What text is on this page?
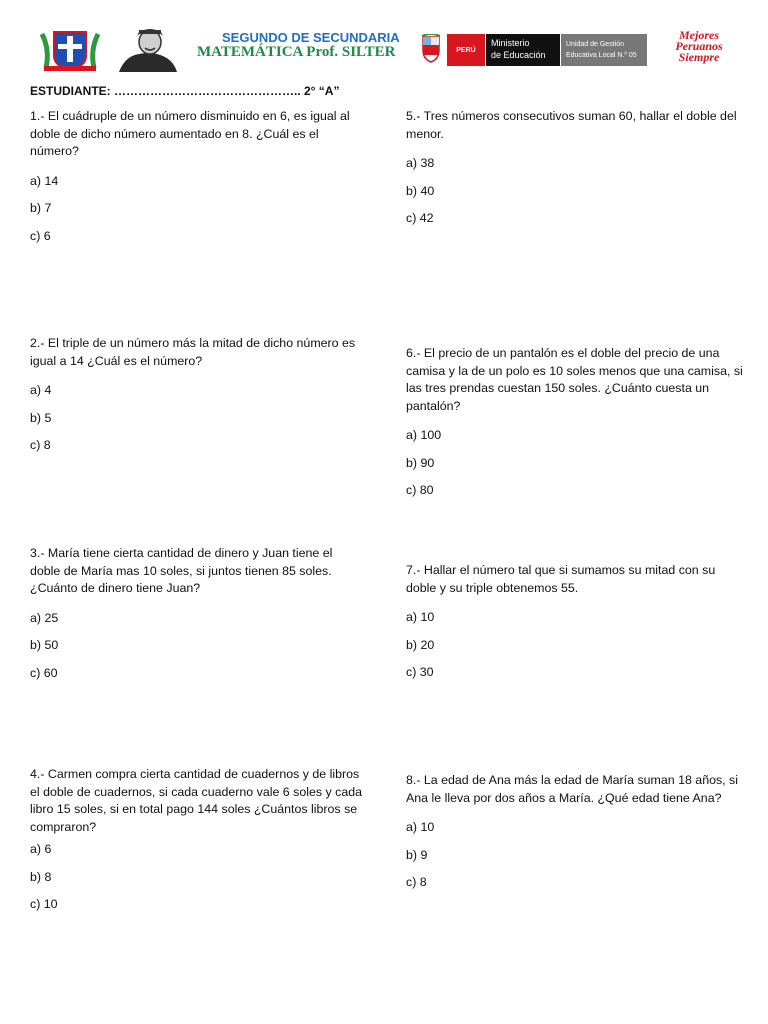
SEGUNDO DE SECUNDARIA
MATEMÁTICA Prof. SILTER	PERÚ
Ministerio
de Educación
Unidad de Gestión
Educativa Local N.º 05
Mejores
Peruanos
Siempre
ESTUDIANTE: ……………………………………….. 2° “A”

1.- El cuádruple de un número disminuido en 6, es igual al doble de dicho número aumentado en 8. ¿Cuál es el número?

a) 14

b) 7

c) 6

2.- El triple de un número más la mitad de dicho número es igual a 14 ¿Cuál es el número?

a) 4

b) 5

c) 8

3.- María tiene cierta cantidad de dinero y Juan tiene el doble de María mas 10 soles, si juntos tienen 85 soles. ¿Cuánto de dinero tiene Juan?

a) 25

b) 50

c) 60

4.- Carmen compra cierta cantidad de cuadernos y de libros el doble de cuadernos, si cada cuaderno vale 6 soles y cada libro 15 soles, si en total pago 144 soles ¿Cuántos libros se compraron?

a) 6

b) 8

c) 10

5.- Tres números consecutivos suman 60, hallar el doble del menor.

a) 38

b) 40

c) 42

6.- El precio de un pantalón es el doble del precio de una camisa y la de un polo es 10 soles menos que una camisa, si las tres prendas cuestan 150 soles. ¿Cuánto cuesta un pantalón?

a) 100

b) 90

c) 80

7.- Hallar el número tal que si sumamos su mitad con su doble y su triple obtenemos 55.

a) 10

b) 20

c) 30

8.- La edad de Ana más la edad de María suman 18 años, si Ana le lleva por dos años a María. ¿Qué edad tiene Ana?

a) 10

b) 9

c) 8
